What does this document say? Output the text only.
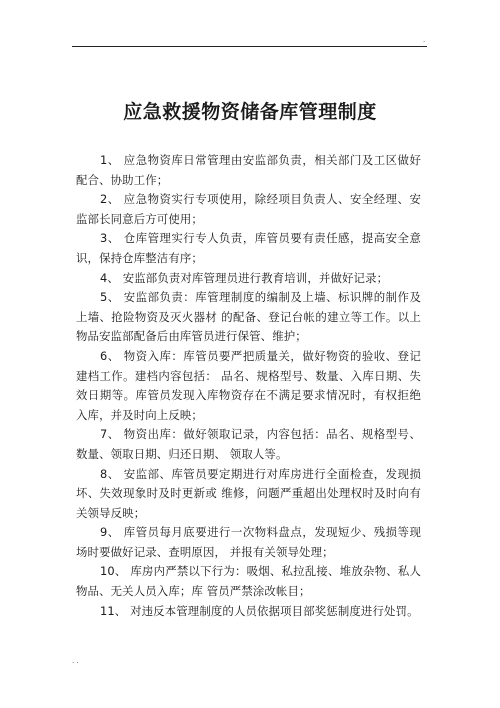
.
应急救援物资储备库管理制度

1、 应急物资库日常管理由安监部负责，相关部门及工区做好配合、协助工作；

2、 应急物资实行专项使用，除经项目负责人、安全经理、安监部长同意后方可使用；

3、 仓库管理实行专人负责，库管员要有责任感，提高安全意识，保持仓库整洁有序；

4、 安监部负责对库管理员进行教育培训，并做好记录；

5、 安监部负责：库管理制度的编制及上墙、标识牌的制作及上墙、抢险物资及灭火器材 的配备、登记台帐的建立等工作。以上物品安监部配备后由库管员进行保管、维护；

6、 物资入库：库管员要严把质量关，做好物资的验收、登记建档工作。建档内容包括： 品名、规格型号、数量、入库日期、失效日期等。库管员发现入库物资存在不满足要求情况时，有权拒绝入库，并及时向上反映；

7、 物资出库：做好领取记录，内容包括：品名、规格型号、数量、领取日期、归还日期、 领取人等。

8、 安监部、库管员要定期进行对库房进行全面检查，发现损坏、失效现象时及时更新或 维修，问题严重超出处理权时及时向有关领导反映；

9、 库管员每月底要进行一次物料盘点，发现短少、残损等现场时要做好记录、查明原因， 并报有关领导处理；

10、 库房内严禁以下行为：吸烟、私拉乱接、堆放杂物、私人物品、无关人员入库；库 管员严禁涂改帐目；

11、 对违反本管理制度的人员依据项目部奖惩制度进行处罚。

. .
